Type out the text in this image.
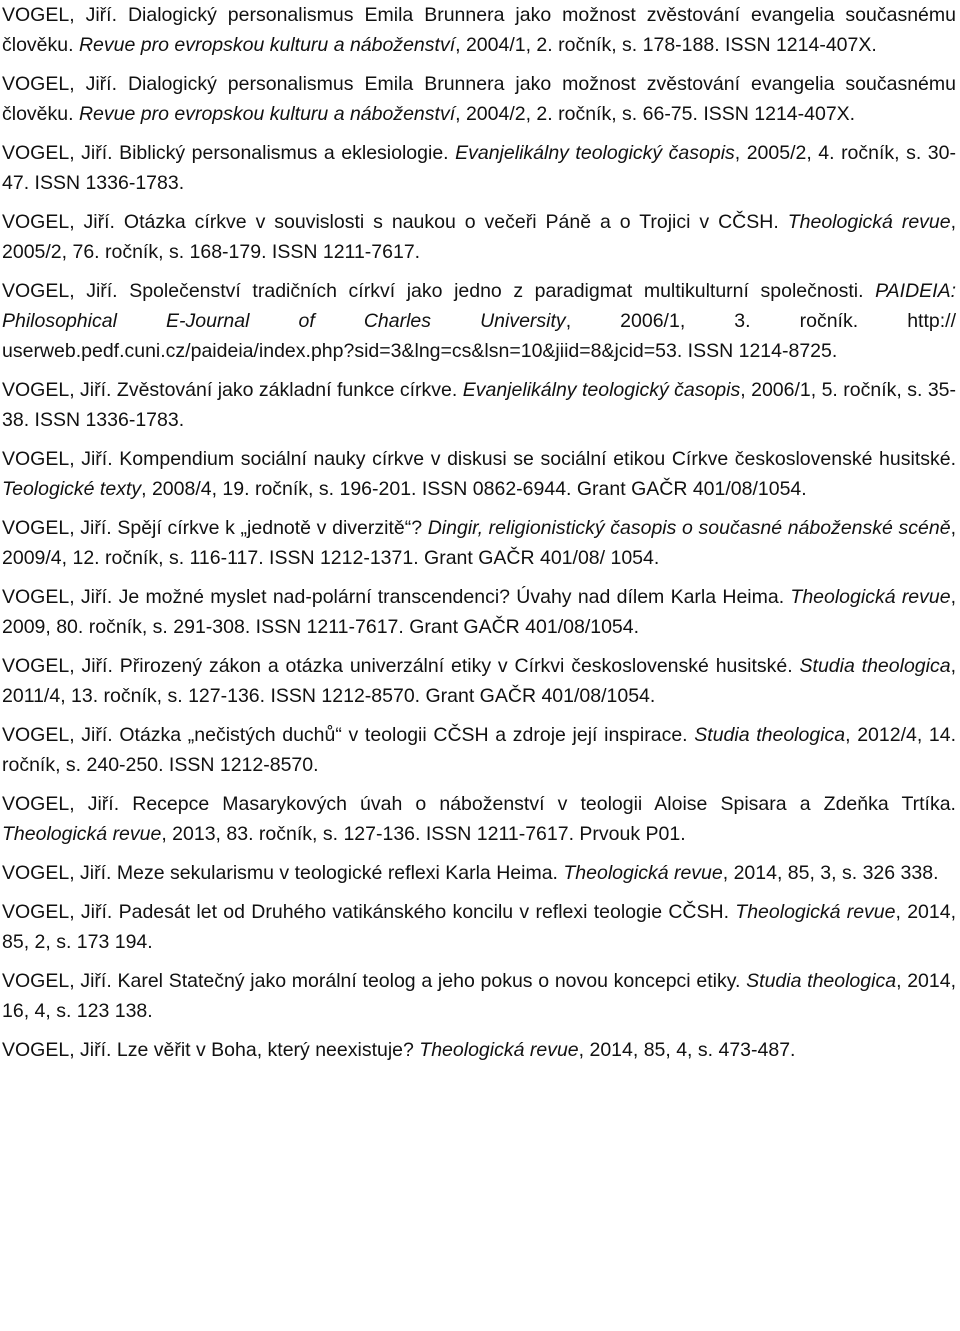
VOGEL, Jiří. Dialogický personalismus Emila Brunnera jako možnost zvěstování evangelia současnému člověku. Revue pro evropskou kulturu a náboženství, 2004/1, 2. ročník, s. 178-188. ISSN 1214-407X.

VOGEL, Jiří. Dialogický personalismus Emila Brunnera jako možnost zvěstování evangelia současnému člověku. Revue pro evropskou kulturu a náboženství, 2004/2, 2. ročník, s. 66-75. ISSN 1214-407X.

VOGEL, Jiří. Biblický personalismus a eklesiologie. Evanjelikálny teologický časopis, 2005/2, 4. ročník, s. 30-47. ISSN 1336-1783.

VOGEL, Jiří. Otázka církve v souvislosti s naukou o večeři Páně a o Trojici v CČSH. Theologická revue, 2005/2, 76. ročník, s. 168-179. ISSN 1211-7617.

VOGEL, Jiří. Společenství tradičních církví jako jedno z paradigmat multikulturní společnosti. PAIDEIA: Philosophical E-Journal of Charles University, 2006/1, 3. ročník. http:// userweb.pedf.cuni.cz/paideia/index.php?sid=3&lng=cs&lsn=10&jiid=8&jcid=53. ISSN 1214-8725.

VOGEL, Jiří. Zvěstování jako základní funkce církve. Evanjelikálny teologický časopis, 2006/1, 5. ročník, s. 35-38. ISSN 1336-1783.

VOGEL, Jiří. Kompendium sociální nauky církve v diskusi se sociální etikou Církve československé husitské. Teologické texty, 2008/4, 19. ročník, s. 196-201. ISSN 0862-6944. Grant GAČR 401/08/1054.

VOGEL, Jiří. Spějí církve k „jednotě v diverzitě“? Dingir, religionistický časopis o současné náboženské scéně, 2009/4, 12. ročník, s. 116-117. ISSN 1212-1371. Grant GAČR 401/08/ 1054.

VOGEL, Jiří. Je možné myslet nad-polární transcendenci? Úvahy nad dílem Karla Heima. Theologická revue, 2009, 80. ročník, s. 291-308. ISSN 1211-7617. Grant GAČR 401/08/1054.

VOGEL, Jiří. Přirozený zákon a otázka univerzální etiky v Církvi československé husitské. Studia theologica, 2011/4, 13. ročník, s. 127-136. ISSN 1212-8570. Grant GAČR 401/08/1054.

VOGEL, Jiří. Otázka „nečistých duchů“ v teologii CČSH a zdroje její inspirace. Studia theologica, 2012/4, 14. ročník, s. 240-250. ISSN 1212-8570.

VOGEL, Jiří. Recepce Masarykových úvah o náboženství v teologii Aloise Spisara a Zdeňka Trtíka. Theologická revue, 2013, 83. ročník, s. 127-136. ISSN 1211-7617. Prvouk P01.

VOGEL, Jiří. Meze sekularismu v teologické reflexi Karla Heima. Theologická revue, 2014, 85, 3, s. 326 338.

VOGEL, Jiří. Padesát let od Druhého vatikánského koncilu v reflexi teologie CČSH. Theologická revue, 2014, 85, 2, s. 173 194.

VOGEL, Jiří. Karel Statečný jako morální teolog a jeho pokus o novou koncepci etiky. Studia theologica, 2014, 16, 4, s. 123 138.

VOGEL, Jiří. Lze věřit v Boha, který neexistuje? Theologická revue, 2014, 85, 4, s. 473-487.
